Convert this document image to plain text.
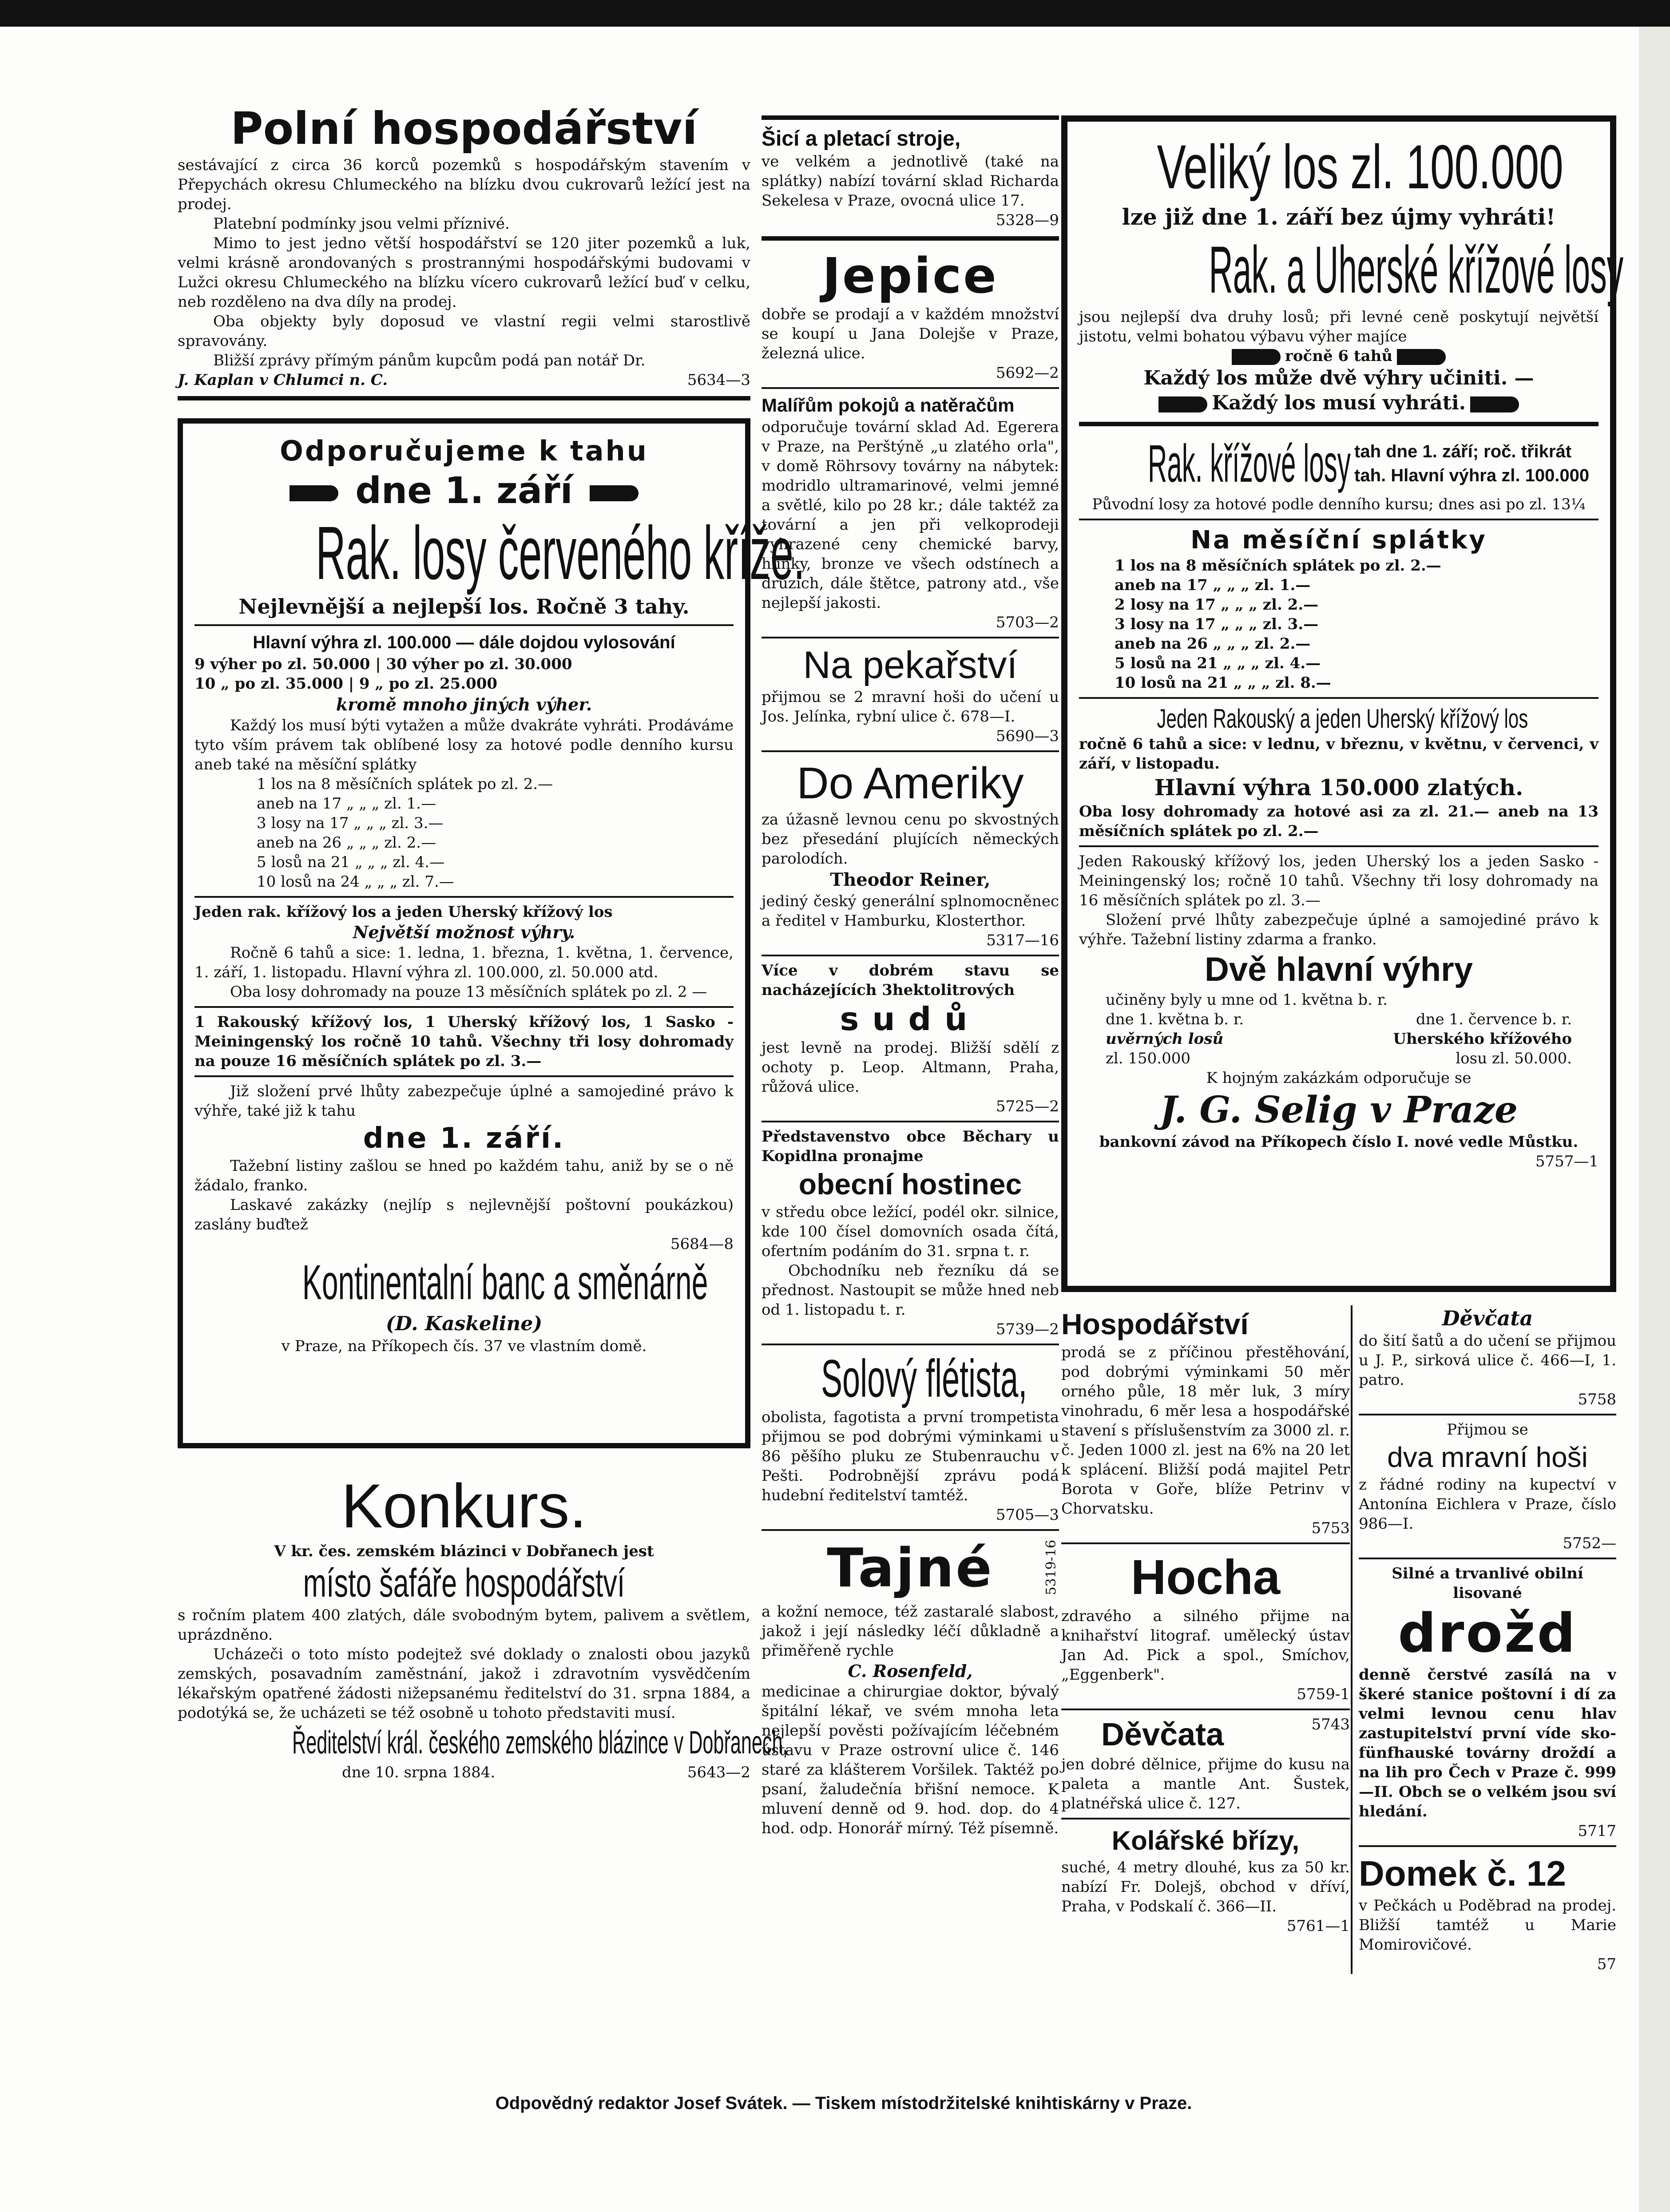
Polní hospodářství
sestávající z circa 36 korců pozemků s hospodářským stavením v Přepychách okresu Chlumeckého na blízku dvou cukrovarů ležící jest na prodej.
Platební podmínky jsou velmi příznivé.
Mimo to jest jedno větší hospodářství se 120 jiter pozemků a luk, velmi krásně arondovaných s prostrannými hospodářskými budovami v Lužci okresu Chlumeckého na blízku vícero cukrovarů ležící buď v celku, neb rozdělenο na dva díly na prodej.
Oba objekty byly doposud ve vlastní regii velmi starostlivě spravovány.
Bližší zprávy přímým pánům kupcům podá pan notář Dr.
J. Kaplan v Chlumci n. C.	5634—3
Odporučujeme k tahu
dne 1. září
Rak. losy červeného kříže.
Nejlevnější a nejlepší los. Ročně 3 tahy.
Hlavní výhra zl. 100.000 — dále dojdou vylosování
9 výher po zl. 50.000 | 30 výher po zl. 30.000
10 „ po zl. 35.000 | 9 „ po zl. 25.000
kromě mnoho jiných výher.
Každý los musí býti vytažen a může dvakráte vyhráti. Prodáváme tyto vším právem tak oblíbené losy za hotové podle denního kursu aneb také na měsíční splátky
1 los na 8 měsíčních splátek po zl. 2.—
aneb na 17 „ „ „ zl. 1.—
3 losy na 17 „ „ „ zl. 3.—
aneb na 26 „ „ „ zl. 2.—
5 losů na 21 „ „ „ zl. 4.—
10 losů na 24 „ „ „ zl. 7.—
Jeden rak. křížový los a jeden Uherský křížový los
Největší možnost výhry.
Ročně 6 tahů a sice: 1. ledna, 1. března, 1. května, 1. července, 1. září, 1. listopadu. Hlavní výhra zl. 100.000, zl. 50.000 atd.
Oba losy dohromady na pouze 13 měsíčních splátek po zl. 2 —
1 Rakouský křížový los, 1 Uherský křížový los, 1 Sasko - Meiningenský los ročně 10 tahů. Všechny tři losy dohromady na pouze 16 měsíčních splátek po zl. 3.—
Již složení prvé lhůty zabezpečuje úplné a samojediné právo k výhře, také již k tahu
dne 1. září.
Tažební listiny zašlou se hned po každém tahu, aniž by se o ně žádalo, franko.
Laskavé zakázky (nejlíp s nejlevnější poštovní poukázkou) zaslány buďtež
5684—8
Kontinentalní banc a směnárně
(D. Kaskeline)
v Praze, na Příkopech čís. 37 ve vlastním domě.
Konkurs.
V kr. čes. zemském blázinci v Dobřanech jest
místo šafáře hospodářství
s ročním platem 400 zlatých, dále svobodným bytem, palivem a světlem, uprázdněno.
Ucházeči o toto místo podejtež své doklady o znalosti obou jazyků zemských, posavadním zaměstnání, jakož i zdravotním vysvědčením lékařským opatřené žádosti nižepsanému ředitelství do 31. srpna 1884, a podotýká se, že ucházeti se též osobně u tohoto představiti musí.
Ředitelství král. českého zemského blázince v Dobřanech,
dne 10. srpna 1884.	5643—2
Šicí a pletací stroje,
ve velkém a jednotlivě (také na splátky) nabízí tovární sklad Richarda Sekelesa v Praze, ovocná ulice 17.
5328—9
Jepice
dobře se prodají a v každém množství se koupí u Jana Dolejše v Praze, železná ulice.
5692—2
Malířům pokojů a natěračům
odporučuje tovární sklad Ad. Egerera v Praze, na Perštýně „u zlatého orla", v domě Röhrsovy továrny na nábytek: modridlo ultramarinové, velmi jemné a světlé, kilo po 28 kr.; dále taktéž za tovární a jen při velkoprodeji vyhrazené ceny chemické barvy, hlinky, bronze ve všech odstínech a druzích, dále štětce, patrony atd., vše nejlepší jakosti.
5703—2
Na pekařství
přijmou se 2 mravní hoši do učení u Jos. Jelínka, rybní ulice č. 678—I.
5690—3
Do Ameriky
za úžasně levnou cenu po skvostných bez přesedání plujících německých parolodích.
Theodor Reiner,
jediný český generální splnomocněnec a ředitel v Hamburku, Klosterthor.
5317—16
Více v dobrém stavu se nacházejících 3hektolitrových
sudů
jest levně na prodej. Bližší sdělí z ochoty p. Leop. Altmann, Praha, růžová ulice.
5725—2
Představenstvo obce Běchary u Kopidlna pronajme
obecní hostinec
v středu obce ležící, podél okr. silnice, kde 100 čísel domovních osada čítá, ofertním podáním do 31. srpna t. r.
Obchodníku neb řezníku dá se přednost. Nastoupit se může hned neb od 1. listopadu t. r.
5739—2
Solový flétista,
obolista, fagotista a první trompetista přijmou se pod dobrými výminkami u 86 pěšího pluku ze Stubenrauchu v Pešti. Podrobnější zprávu podá hudební ředitelství tamtéž.
5705—3
Tajné	5319-16
a kožní nemoce, též zastaralé slabost, jakož i její následky léčí důkladně a přiměřeně rychle
C. Rosenfeld,
medicinae a chirurgiae doktor, bývalý špitální lékař, ve svém mnoha leta nejlepší pověsti požívajícím léčebném ústavu v Praze ostrovní ulice č. 146 staré za klášterem Voršilek. Taktéž po psaní, žaludečnía břišní nemoce. K mluvení denně od 9. hod. dop. do 4 hod. odp. Honorář mírný. Též písemně.
Veliký los zl. 100.000
lze již dne 1. září bez újmy vyhráti!
Rak. a Uherské křížové losy
jsou nejlepší dva druhy losů; při levné ceně poskytují největší jistotu, velmi bohatou výbavu výher majíce
ročně 6 tahů
Každý los může dvě výhry učiniti. —
Každý los musí vyhráti.
Rak. křížové losy tah dne 1. září; roč. třikrát
tah. Hlavní výhra zl. 100.000
Původní losy za hotové podle denního kursu; dnes asi po zl. 13¼
Na měsíční splátky
1 los na 8 měsíčních splátek po zl. 2.—
aneb na 17 „ „ „ zl. 1.—
2 losy na 17 „ „ „ zl. 2.—
3 losy na 17 „ „ „ zl. 3.—
aneb na 26 „ „ „ zl. 2.—
5 losů na 21 „ „ „ zl. 4.—
10 losů na 21 „ „ „ zl. 8.—
Jeden Rakouský a jeden Uherský křížový los
ročně 6 tahů a sice: v lednu, v březnu, v květnu, v červenci, v září, v listopadu.
Hlavní výhra 150.000 zlatých.
Oba losy dohromady za hotové asi za zl. 21.— aneb na 13 měsíčních splátek po zl. 2.—
Jeden Rakouský křížový los, jeden Uherský los a jeden Sasko - Meiningenský los; ročně 10 tahů. Všechny tři losy dohromady na 16 měsíčních splátek po zl. 3.—
Složení prvé lhůty zabezpečuje úplné a samojediné právo k výhře. Tažební listiny zdarma a franko.
Dvě hlavní výhry
učiněny byly u mne od 1. května b. r.
dne 1. května b. r.	dne 1. července b. r.
uvěrných losů	Uherského křížového
zl. 150.000	losu zl. 50.000.
K hojným zakázkám odporučuje se
J. G. Selig v Praze
bankovní závod na Příkopech číslo I. nové vedle Můstku.
5757—1
Hospodářství
prodá se z příčinou přestěhování, pod dobrými výminkami 50 měr orného půle, 18 měr luk, 3 míry vinohradu, 6 měr lesa a hospodářské stavení s příslušenstvím za 3000 zl. r. č. Jeden 1000 zl. jest na 6% na 20 let k splácení. Bližší podá majitel Petr Borota v Goře, blíže Petrinv v Chorvatsku.
5753
Hocha
zdravého a silného přijme na knihařství litograf. umělecký ústav Jan Ad. Pick a spol., Smíchov, „Eggenberk".
5759-1
Děvčata	5743
jen dobré dělnice, přijme do kusu na paleta a mantle Ant. Šustek, platnéřská ulice č. 127.
Kolářské břízy,
suché, 4 metry dlouhé, kus za 50 kr. nabízí Fr. Dolejš, obchod v dříví, Praha, v Podskalí č. 366—II.
5761—1
Děvčata
do šití šatů a do učení se přijmou u J. P., sirková ulice č. 466—I, 1. patro.
5758
Přijmou se
dva mravní hoši
z řádné rodiny na kupectví v Antonína Eichlera v Praze, číslo 986—I.
5752—
Silné a trvanlivé obilní lisované
drožd
denně čerstvé zasílá na v škeré stanice poštovní i dí za velmi levnou cenu hlav zastupitelství první víde sko-fünfhauské továrny droždí a na lih pro Čech v Praze č. 999—II. Obch se o velkém jsou sví hledání.
5717
Domek č. 12
v Pečkách u Poděbrad na prodej. Bližší tamtéž u Marie Momirovičové.
57
Odpovědný redaktor Josef Svátek. — Tiskem místodržitelské knihtiskárny v Praze.
